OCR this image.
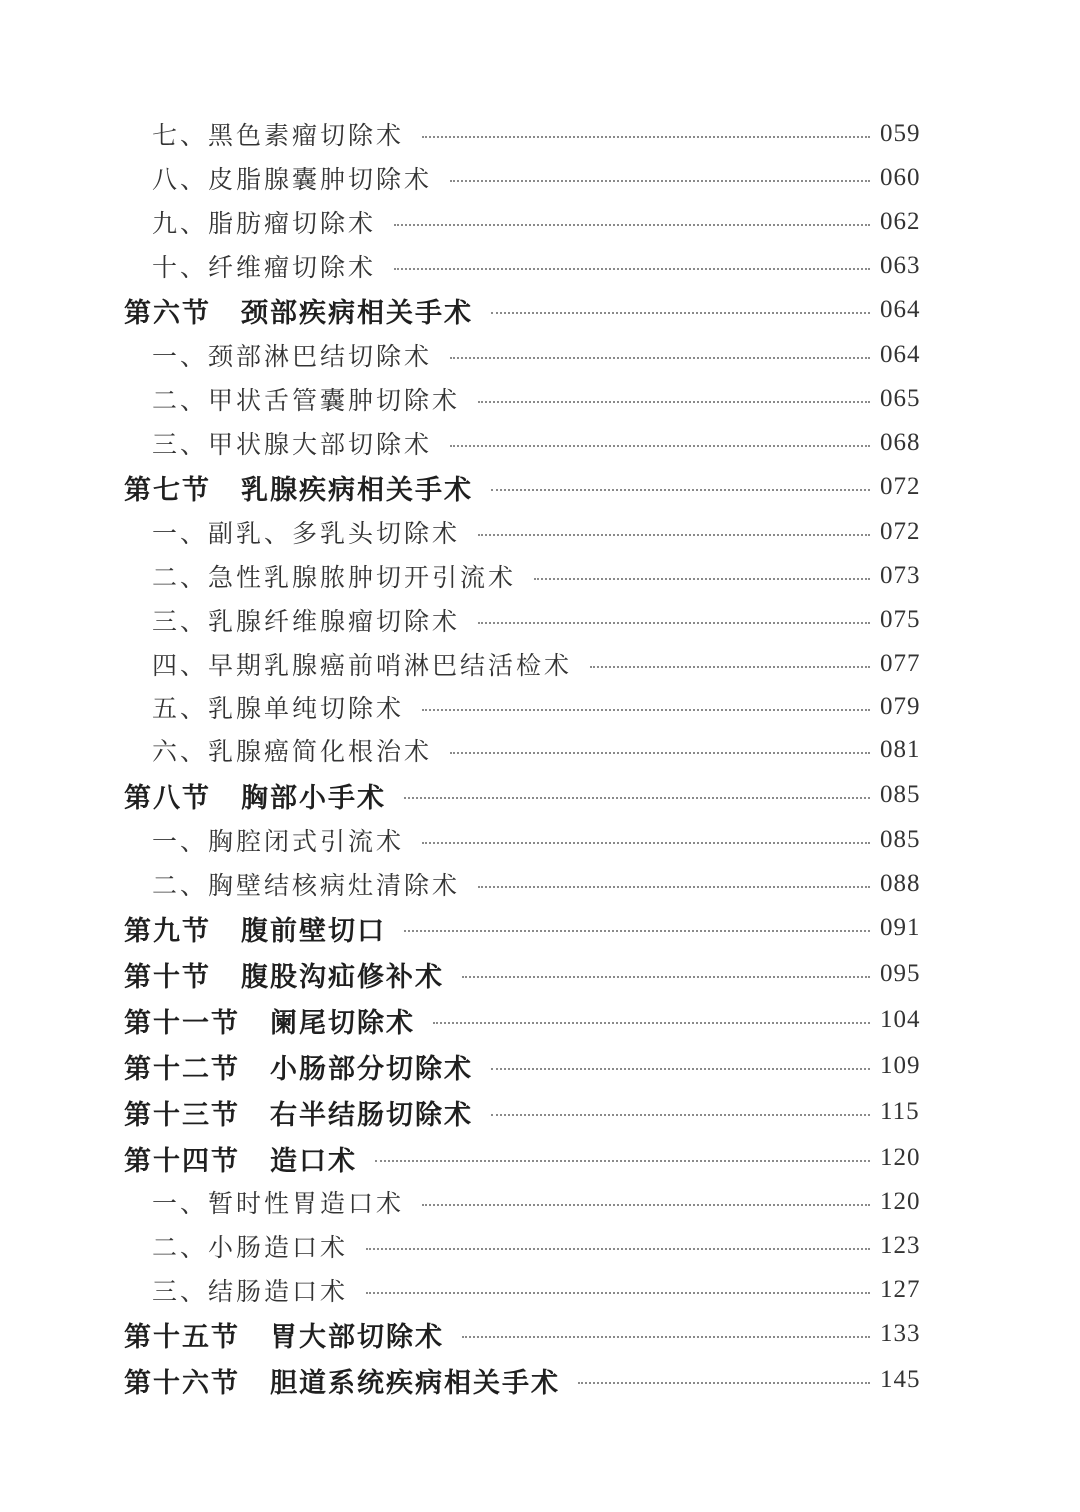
七、黑色素瘤切除术	059
八、皮脂腺囊肿切除术	060
九、脂肪瘤切除术	062
十、纤维瘤切除术	063
第六节 颈部疾病相关手术	064
一、颈部淋巴结切除术	064
二、甲状舌管囊肿切除术	065
三、甲状腺大部切除术	068
第七节 乳腺疾病相关手术	072
一、副乳、多乳头切除术	072
二、急性乳腺脓肿切开引流术	073
三、乳腺纤维腺瘤切除术	075
四、早期乳腺癌前哨淋巴结活检术	077
五、乳腺单纯切除术	079
六、乳腺癌简化根治术	081
第八节 胸部小手术	085
一、胸腔闭式引流术	085
二、胸壁结核病灶清除术	088
第九节 腹前壁切口	091
第十节 腹股沟疝修补术	095
第十一节 阑尾切除术	104
第十二节 小肠部分切除术	109
第十三节 右半结肠切除术	115
第十四节 造口术	120
一、暂时性胃造口术	120
二、小肠造口术	123
三、结肠造口术	127
第十五节 胃大部切除术	133
第十六节 胆道系统疾病相关手术	145
